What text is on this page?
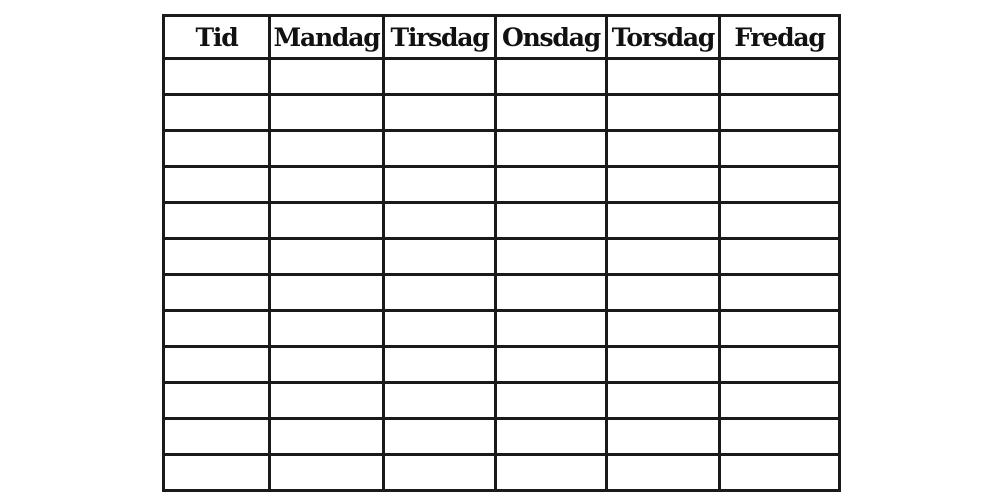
Tid	Mandag	Tirsdag	Onsdag	Torsdag	Fredag
